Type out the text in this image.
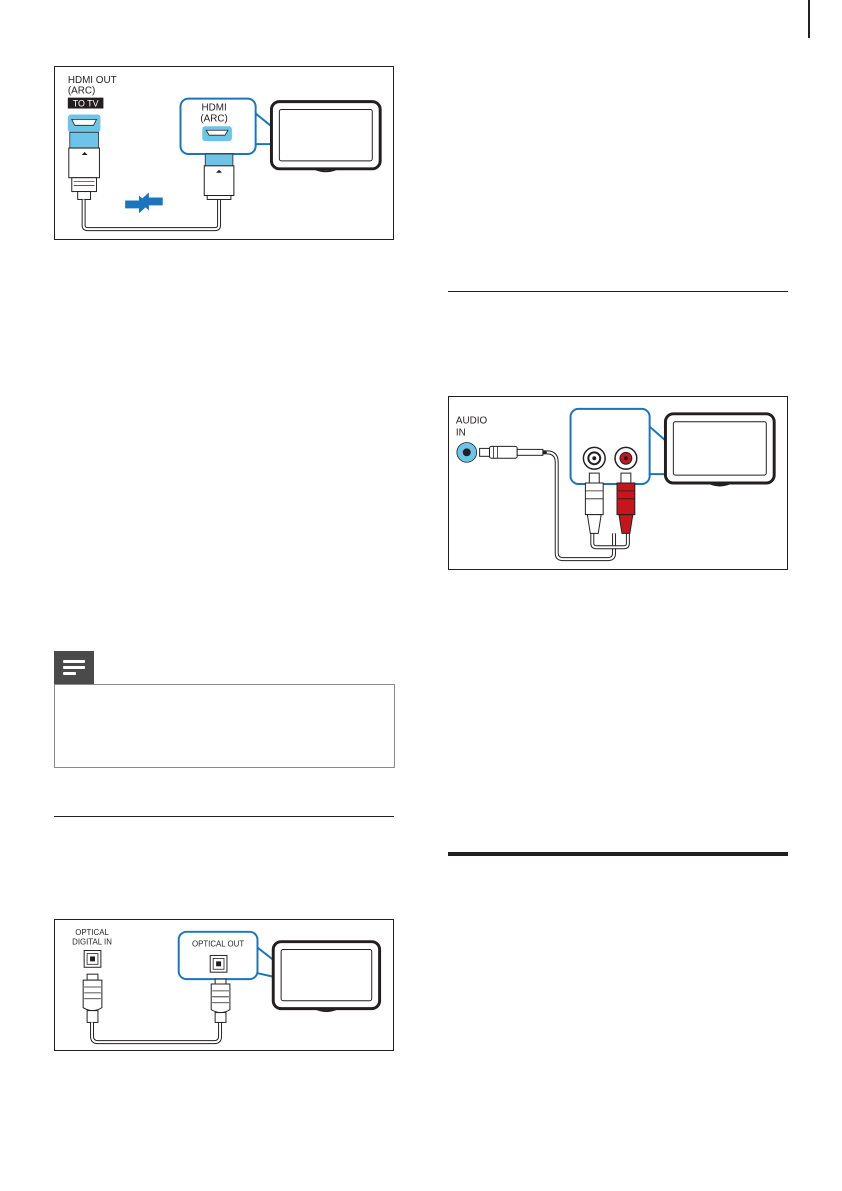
HDMI OUT
(ARC)
TO TV	HDMI
(ARC)
OPTICAL
DIGITAL IN	OPTICAL OUT
AUDIO
IN
